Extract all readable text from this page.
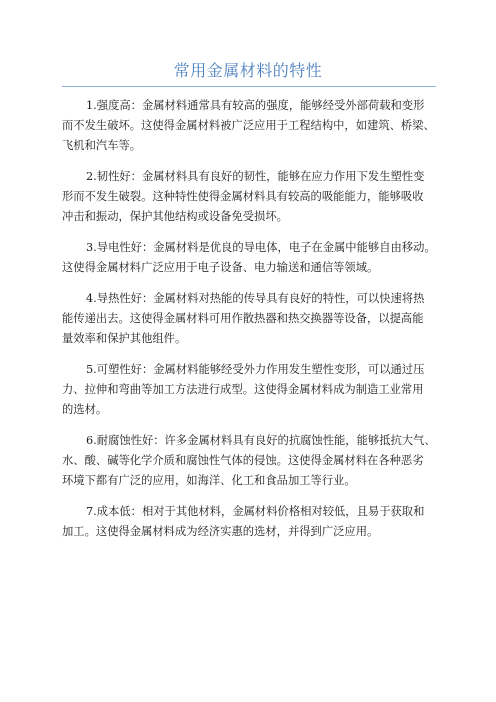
常用金属材料的特性

1.强度高：金属材料通常具有较高的强度，能够经受外部荷载和变形
而不发生破坏。这使得金属材料被广泛应用于工程结构中，如建筑、桥梁、
飞机和汽车等。

2.韧性好：金属材料具有良好的韧性，能够在应力作用下发生塑性变
形而不发生破裂。这种特性使得金属材料具有较高的吸能能力，能够吸收
冲击和振动，保护其他结构或设备免受损坏。

3.导电性好：金属材料是优良的导电体，电子在金属中能够自由移动。
这使得金属材料广泛应用于电子设备、电力输送和通信等领域。

4.导热性好：金属材料对热能的传导具有良好的特性，可以快速将热
能传递出去。这使得金属材料可用作散热器和热交换器等设备，以提高能
量效率和保护其他组件。

5.可塑性好：金属材料能够经受外力作用发生塑性变形，可以通过压
力、拉伸和弯曲等加工方法进行成型。这使得金属材料成为制造工业常用
的选材。

6.耐腐蚀性好：许多金属材料具有良好的抗腐蚀性能，能够抵抗大气、
水、酸、碱等化学介质和腐蚀性气体的侵蚀。这使得金属材料在各种恶劣
环境下都有广泛的应用，如海洋、化工和食品加工等行业。

7.成本低：相对于其他材料，金属材料价格相对较低，且易于获取和
加工。这使得金属材料成为经济实惠的选材，并得到广泛应用。
